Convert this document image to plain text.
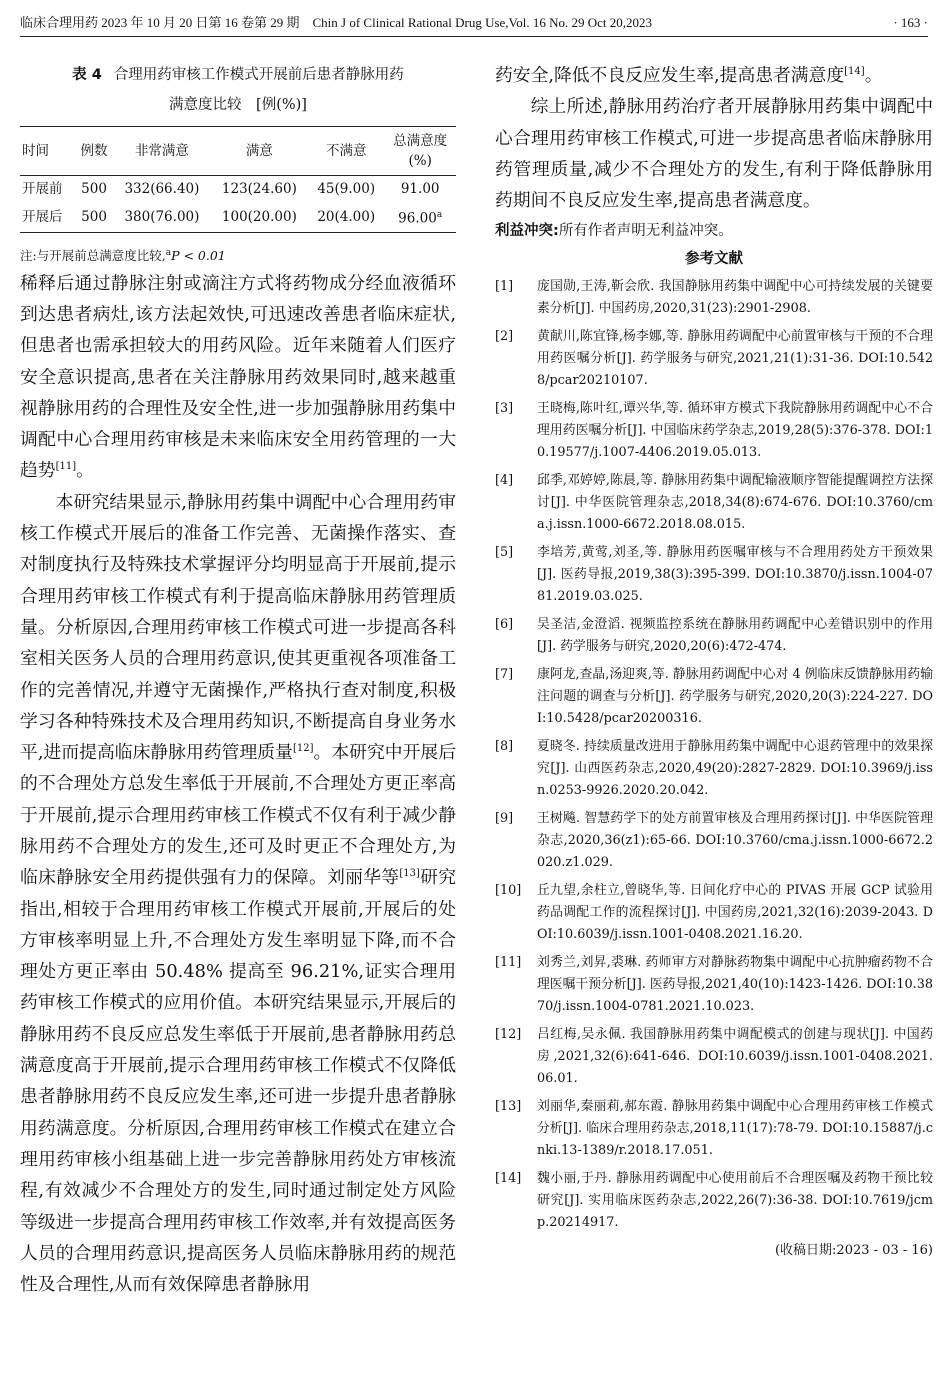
临床合理用药 2023 年 10 月 20 日第 16 卷第 29 期　Chin J of Clinical Rational Drug Use,Vol. 16 No. 29 Oct 20,2023	· 163 ·
表 4 合理用药审核工作模式开展前后患者静脉用药
满意度比较　[例(%)]
时间	例数	非常满意	满意	不满意	总满意度
(%)

开展前	500	332(66.40)	123(24.60)	45(9.00)	91.00
开展后	500	380(76.00)	100(20.00)	20(4.00)	96.00$^a$
注:与开展前总满意度比较,$^a$P < 0.01

稀释后通过静脉注射或滴注方式将药物成分经血液循环到达患者病灶,该方法起效快,可迅速改善患者临床症状,但患者也需承担较大的用药风险。近年来随着人们医疗安全意识提高,患者在关注静脉用药效果同时,越来越重视静脉用药的合理性及安全性,进一步加强静脉用药集中调配中心合理用药审核是未来临床安全用药管理的一大趋势[11]。

本研究结果显示,静脉用药集中调配中心合理用药审核工作模式开展后的准备工作完善、无菌操作落实、查对制度执行及特殊技术掌握评分均明显高于开展前,提示合理用药审核工作模式有利于提高临床静脉用药管理质量。分析原因,合理用药审核工作模式可进一步提高各科室相关医务人员的合理用药意识,使其更重视各项准备工作的完善情况,并遵守无菌操作,严格执行查对制度,积极学习各种特殊技术及合理用药知识,不断提高自身业务水平,进而提高临床静脉用药管理质量[12]。本研究中开展后的不合理处方总发生率低于开展前,不合理处方更正率高于开展前,提示合理用药审核工作模式不仅有利于减少静脉用药不合理处方的发生,还可及时更正不合理处方,为临床静脉安全用药提供强有力的保障。刘丽华等[13]研究指出,相较于合理用药审核工作模式开展前,开展后的处方审核率明显上升,不合理处方发生率明显下降,而不合理处方更正率由 50.48% 提高至 96.21%,证实合理用药审核工作模式的应用价值。本研究结果显示,开展后的静脉用药不良反应总发生率低于开展前,患者静脉用药总满意度高于开展前,提示合理用药审核工作模式不仅降低患者静脉用药不良反应发生率,还可进一步提升患者静脉用药满意度。分析原因,合理用药审核工作模式在建立合理用药审核小组基础上进一步完善静脉用药处方审核流程,有效减少不合理处方的发生,同时通过制定处方风险等级进一步提高合理用药审核工作效率,并有效提高医务人员的合理用药意识,提高医务人员临床静脉用药的规范性及合理性,从而有效保障患者静脉用

药安全,降低不良反应发生率,提高患者满意度[14]。

综上所述,静脉用药治疗者开展静脉用药集中调配中心合理用药审核工作模式,可进一步提高患者临床静脉用药管理质量,减少不合理处方的发生,有利于降低静脉用药期间不良反应发生率,提高患者满意度。

利益冲突:所有作者声明无利益冲突。
参考文献
[1]	庞国勋,王涛,靳会欣. 我国静脉用药集中调配中心可持续发展的关键要素分析[J]. 中国药房,2020,31(23):2901-2908.
[2]	黄献川,陈宜锋,杨李娜,等. 静脉用药调配中心前置审核与干预的不合理用药医嘱分析[J]. 药学服务与研究,2021,21(1):31-36. DOI:10.5428/pcar20210107.
[3]	王晓梅,陈叶红,谭兴华,等. 循环审方模式下我院静脉用药调配中心不合理用药医嘱分析[J]. 中国临床药学杂志,2019,28(5):376-378. DOI:10.19577/j.1007-4406.2019.05.013.
[4]	邱季,邓婷婷,陈晨,等. 静脉用药集中调配输液顺序智能提醒调控方法探讨[J]. 中华医院管理杂志,2018,34(8):674-676. DOI:10.3760/cma.j.issn.1000-6672.2018.08.015.
[5]	李培芳,黄莺,刘圣,等. 静脉用药医嘱审核与不合理用药处方干预效果[J]. 医药导报,2019,38(3):395-399. DOI:10.3870/j.issn.1004-0781.2019.03.025.
[6]	吴圣洁,金澄滔. 视频监控系统在静脉用药调配中心差错识别中的作用[J]. 药学服务与研究,2020,20(6):472-474.
[7]	康阿龙,查晶,汤迎爽,等. 静脉用药调配中心对 4 例临床反馈静脉用药输注问题的调查与分析[J]. 药学服务与研究,2020,20(3):224-227. DOI:10.5428/pcar20200316.
[8]	夏晓冬. 持续质量改进用于静脉用药集中调配中心退药管理中的效果探究[J]. 山西医药杂志,2020,49(20):2827-2829. DOI:10.3969/j.issn.0253-9926.2020.20.042.
[9]	王树飚. 智慧药学下的处方前置审核及合理用药探讨[J]. 中华医院管理杂志,2020,36(z1):65-66. DOI:10.3760/cma.j.issn.1000-6672.2020.z1.029.
[10]	丘九望,余柱立,曾晓华,等. 日间化疗中心的 PIVAS 开展 GCP 试验用药品调配工作的流程探讨[J]. 中国药房,2021,32(16):2039-2043. DOI:10.6039/j.issn.1001-0408.2021.16.20.
[11]	刘秀兰,刘昇,裘琳. 药师审方对静脉药物集中调配中心抗肿瘤药物不合理医嘱干预分析[J]. 医药导报,2021,40(10):1423-1426. DOI:10.3870/j.issn.1004-0781.2021.10.023.
[12]	吕红梅,吴永佩. 我国静脉用药集中调配模式的创建与现状[J]. 中国药房,2021,32(6):641-646. DOI:10.6039/j.issn.1001-0408.2021.06.01.
[13]	刘丽华,秦丽莉,郝东霞. 静脉用药集中调配中心合理用药审核工作模式分析[J]. 临床合理用药杂志,2018,11(17):78-79. DOI:10.15887/j.cnki.13-1389/r.2018.17.051.
[14]	魏小丽,于丹. 静脉用药调配中心使用前后不合理医嘱及药物干预比较研究[J]. 实用临床医药杂志,2022,26(7):36-38. DOI:10.7619/jcmp.20214917.
(收稿日期:2023 - 03 - 16)
